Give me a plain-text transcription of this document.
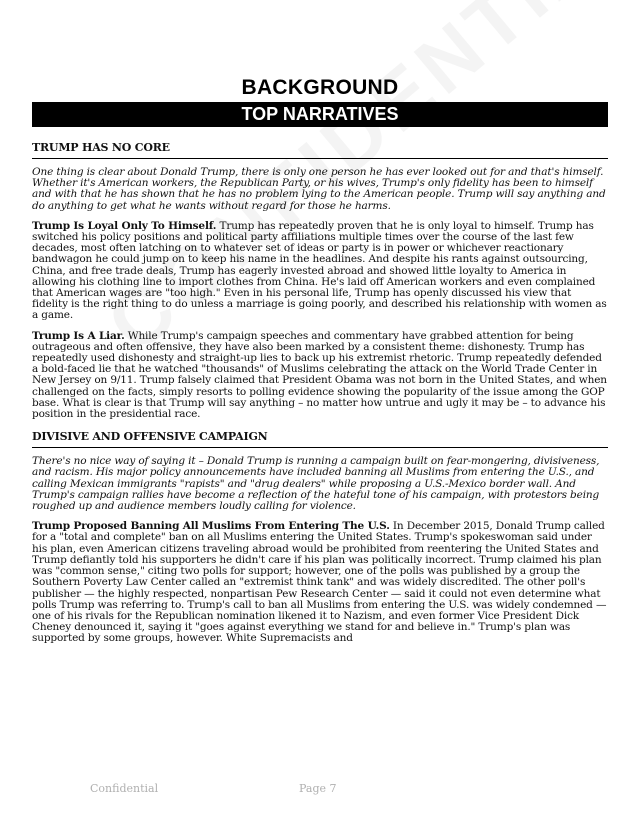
BACKGROUND
TOP NARRATIVES
TRUMP HAS NO CORE

One thing is clear about Donald Trump, there is only one person he has ever looked out for and that's himself. Whether it's American workers, the Republican Party, or his wives, Trump's only fidelity has been to himself and with that he has shown that he has no problem lying to the American people. Trump will say anything and do anything to get what he wants without regard for those he harms.

Trump Is Loyal Only To Himself. Trump has repeatedly proven that he is only loyal to himself. Trump has switched his policy positions and political party affiliations multiple times over the course of the last few decades, most often latching on to whatever set of ideas or party is in power or whichever reactionary bandwagon he could jump on to keep his name in the headlines. And despite his rants against outsourcing, China, and free trade deals, Trump has eagerly invested abroad and showed little loyalty to America in allowing his clothing line to import clothes from China. He's laid off American workers and even complained that American wages are "too high." Even in his personal life, Trump has openly discussed his view that fidelity is the right thing to do unless a marriage is going poorly, and described his relationship with women as a game.

Trump Is A Liar. While Trump's campaign speeches and commentary have grabbed attention for being outrageous and often offensive, they have also been marked by a consistent theme: dishonesty. Trump has repeatedly used dishonesty and straight-up lies to back up his extremist rhetoric. Trump repeatedly defended a bold-faced lie that he watched "thousands" of Muslims celebrating the attack on the World Trade Center in New Jersey on 9/11. Trump falsely claimed that President Obama was not born in the United States, and when challenged on the facts, simply resorts to polling evidence showing the popularity of the issue among the GOP base. What is clear is that Trump will say anything – no matter how untrue and ugly it may be – to advance his position in the presidential race.

DIVISIVE AND OFFENSIVE CAMPAIGN

There's no nice way of saying it – Donald Trump is running a campaign built on fear-mongering, divisiveness, and racism. His major policy announcements have included banning all Muslims from entering the U.S., and calling Mexican immigrants "rapists" and "drug dealers" while proposing a U.S.-Mexico border wall. And Trump's campaign rallies have become a reflection of the hateful tone of his campaign, with protestors being roughed up and audience members loudly calling for violence.

Trump Proposed Banning All Muslims From Entering The U.S. In December 2015, Donald Trump called for a "total and complete" ban on all Muslims entering the United States. Trump's spokeswoman said under his plan, even American citizens traveling abroad would be prohibited from reentering the United States and Trump defiantly told his supporters he didn't care if his plan was politically incorrect. Trump claimed his plan was "common sense," citing two polls for support; however, one of the polls was published by a group the Southern Poverty Law Center called an "extremist think tank" and was widely discredited. The other poll's publisher — the highly respected, nonpartisan Pew Research Center — said it could not even determine what polls Trump was referring to. Trump's call to ban all Muslims from entering the U.S. was widely condemned — one of his rivals for the Republican nomination likened it to Nazism, and even former Vice President Dick Cheney denounced it, saying it "goes against everything we stand for and believe in." Trump's plan was supported by some groups, however. White Supremacists and

Confidential	Page 7
